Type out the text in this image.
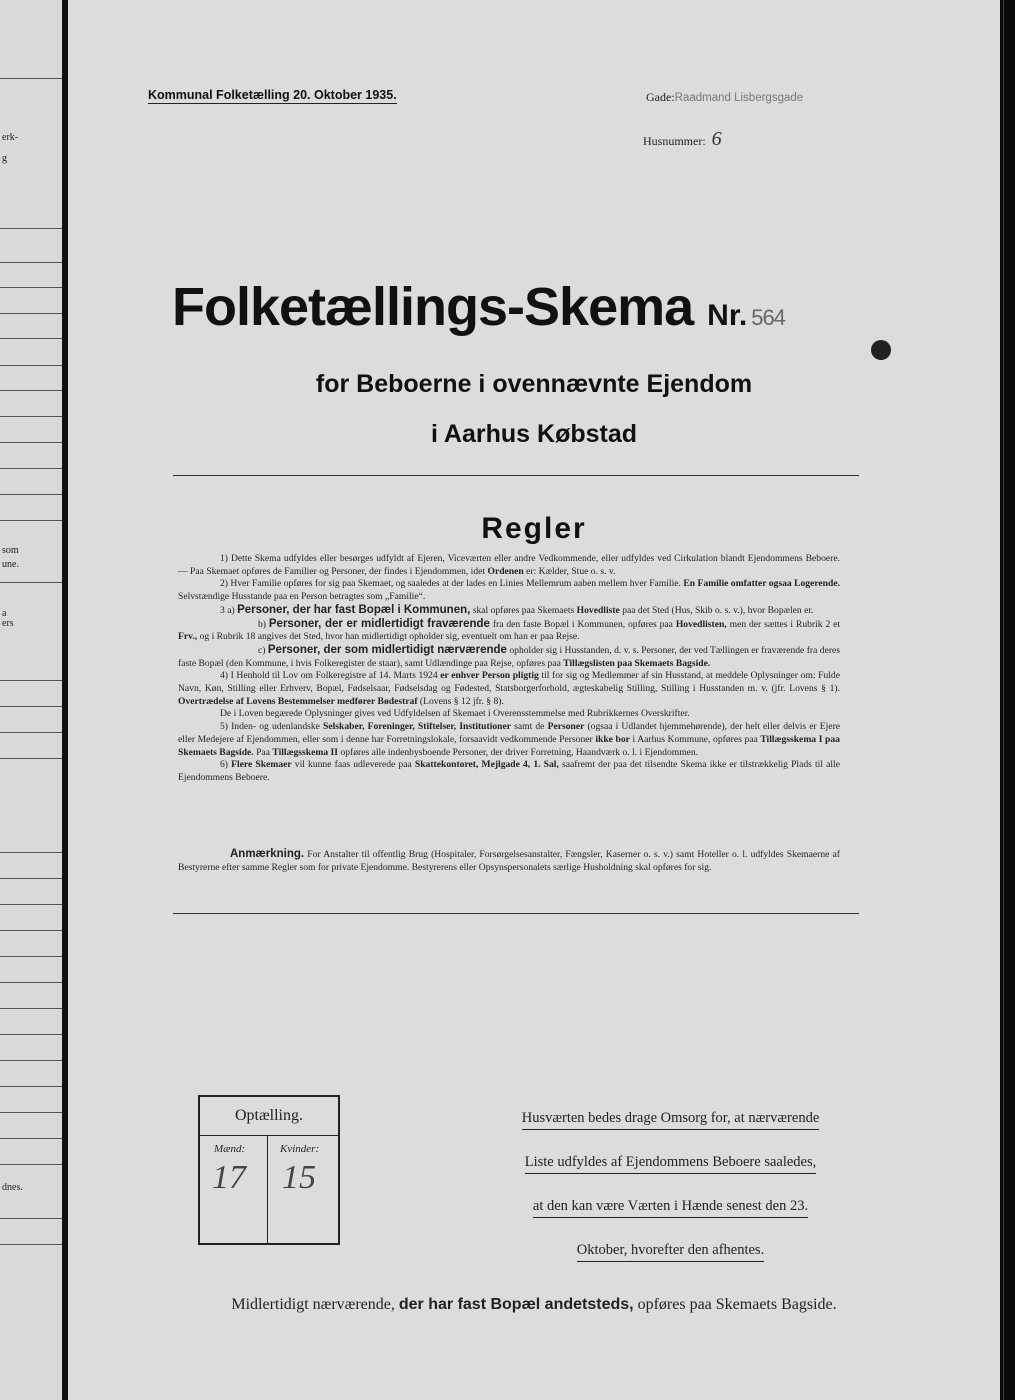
erk-
g
som
une.
a
ers
dnes.
Kommunal Folketælling 20. Oktober 1935.	Gade:Raadmand Lisbergsgade
Husnummer: 6
Folketællings-Skema Nr. 564
for Beboerne i ovennævnte Ejendom
i Aarhus Købstad
Regler

1) Dette Skema udfyldes eller besørges udfyldt af Ejeren, Viceværten eller andre Vedkommende, eller udfyldes ved Cirkulation blandt Ejendommens Beboere. — Paa Skemaet opføres de Familier og Personer, der findes i Ejendommen, idet Ordenen er: Kælder, Stue o. s. v.

2) Hver Familie opføres for sig paa Skemaet, og saaledes at der lades en Linies Mellemrum aaben mellem hver Familie. En Familie omfatter ogsaa Logerende. Selvstændige Husstande paa en Person betragtes som „Familie“.

3 a) Personer, der har fast Bopæl i Kommunen, skal opføres paa Skemaets Hovedliste paa det Sted (Hus, Skib o. s. v.), hvor Bopælen er.

b) Personer, der er midlertidigt fraværende fra den faste Bopæl i Kommunen, opføres paa Hovedlisten, men der sættes i Rubrik 2 et Frv., og i Rubrik 18 angives det Sted, hvor han midlertidigt opholder sig, eventuelt om han er paa Rejse.

c) Personer, der som midlertidigt nærværende opholder sig i Husstanden, d. v. s. Personer, der ved Tællingen er fraværende fra deres faste Bopæl (den Kommune, i hvis Folkeregister de staar), samt Udlændinge paa Rejse, opføres paa Tillægslisten paa Skemaets Bagside.

4) I Henhold til Lov om Folkeregistre af 14. Marts 1924 er enhver Person pligtig til for sig og Medlemmer af sin Husstand, at meddele Oplysninger om: Fulde Navn, Køn, Stilling eller Erhverv, Bopæl, Fødselsaar, Fødselsdag og Fødested, Statsborgerforhold, ægteskabelig Stilling, Stilling i Husstanden m. v. (jfr. Lovens § 1). Overtrædelse af Lovens Bestemmelser medfører Bødestraf (Lovens § 12 jfr. § 8).

De i Loven begærede Oplysninger gives ved Udfyldelsen af Skemaet i Overensstemmelse med Rubrikkernes Overskrifter.

5) Inden- og udenlandske Selskaber, Foreninger, Stiftelser, Institutioner samt de Personer (ogsaa i Udlandet hjemmehørende), der helt eller delvis er Ejere eller Medejere af Ejendommen, eller som i denne har Forretningslokale, forsaavidt vedkommende Personer ikke bor i Aarhus Kommune, opføres paa Tillægsskema I paa Skemaets Bagside. Paa Tillægsskema II opføres alle indenbysboende Personer, der driver Forretning, Haandværk o. l. i Ejendommen.

6) Flere Skemaer vil kunne faas udleverede paa Skattekontoret, Mejlgade 4, 1. Sal, saafremt der paa det tilsendte Skema ikke er tilstrækkelig Plads til alle Ejendommens Beboere.

Anmærkning. For Anstalter til offentlig Brug (Hospitaler, Forsørgelsesanstalter, Fængsler, Kaserner o. s. v.) samt Hoteller o. l. udfyldes Skemaerne af Bestyrerne efter samme Regler som for private Ejendomme. Bestyrerens eller Opsynspersonalets særlige Husholdning skal opføres for sig.

Optælling.
Mænd:	Kvinder:
17 15
Husværten bedes drage Omsorg for, at nærværende
Liste udfyldes af Ejendommens Beboere saaledes,
at den kan være Værten i Hænde senest den 23.
Oktober, hvorefter den afhentes.
Midlertidigt nærværende, der har fast Bopæl andetsteds, opføres paa Skemaets Bagside.
